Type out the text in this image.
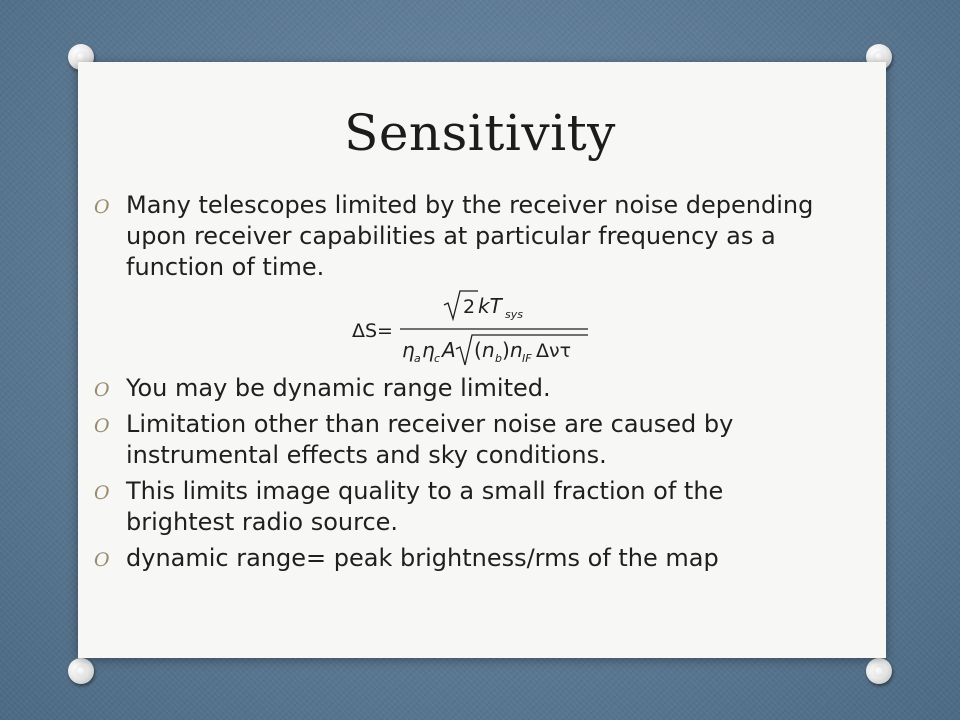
Sensitivity
O Many telescopes limited by the receiver noise depending upon receiver capabilities at particular frequency as a function of time.
ΔS=
2 kT sys
η a η c A ( n b ) n IF Δντ
O You may be dynamic range limited.
O Limitation other than receiver noise are caused by instrumental effects and sky conditions.
O This limits image quality to a small fraction of the brightest radio source.
O dynamic range= peak brightness/rms of the map
